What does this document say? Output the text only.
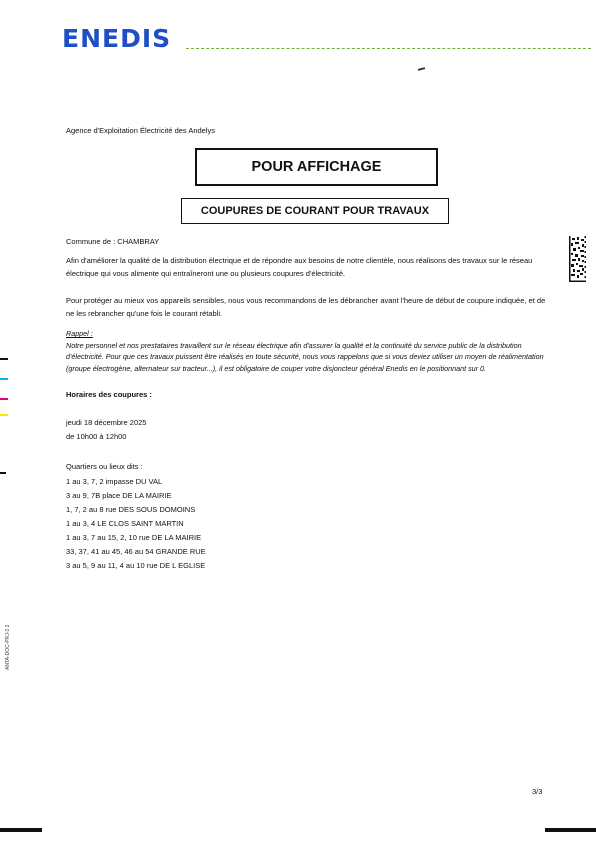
ENEDIS
Agence d'Exploitation Électricité des Andelys
POUR AFFICHAGE
COUPURES DE COURANT POUR TRAVAUX
Commune de : CHAMBRAY
Afin d'améliorer la qualité de la distribution électrique et de répondre aux besoins de notre clientèle, nous réalisons des travaux sur le réseau électrique qui vous alimente qui entraîneront une ou plusieurs coupures d'électricité.
Pour protéger au mieux vos appareils sensibles, nous vous recommandons de les débrancher avant l'heure de début de coupure indiquée, et de ne les rebrancher qu'une fois le courant rétabli.
Rappel :
Notre personnel et nos prestataires travaillent sur le réseau électrique afin d'assurer la qualité et la continuité du service public de la distribution d'électricité. Pour que ces travaux puissent être réalisés en toute sécurité, nous vous rappelons que si vous deviez utiliser un moyen de réalimentation (groupe électrogène, alternateur sur tracteur...), il est obligatoire de couper votre disjoncteur général Enedis en le positionnant sur 0.
Horaires des coupures :
jeudi 18 décembre 2025
de 10h00 à 12h00
Quartiers ou lieux dits :
1 au 3, 7, 2 impasse DU VAL
3 au 9, 7B place DE LA MAIRIE
1, 7, 2 au 8 rue DES SOUS DOMOINS
1 au 3, 4 LE CLOS SAINT MARTIN
1 au 3, 7 au 15, 2, 10 rue DE LA MAIRIE
33, 37, 41 au 45, 46 au 54 GRANDE RUE
3 au 5, 9 au 11, 4 au 10 rue DE L EGLISE
3/3
ANTA-DOC-PRJ-2 2
